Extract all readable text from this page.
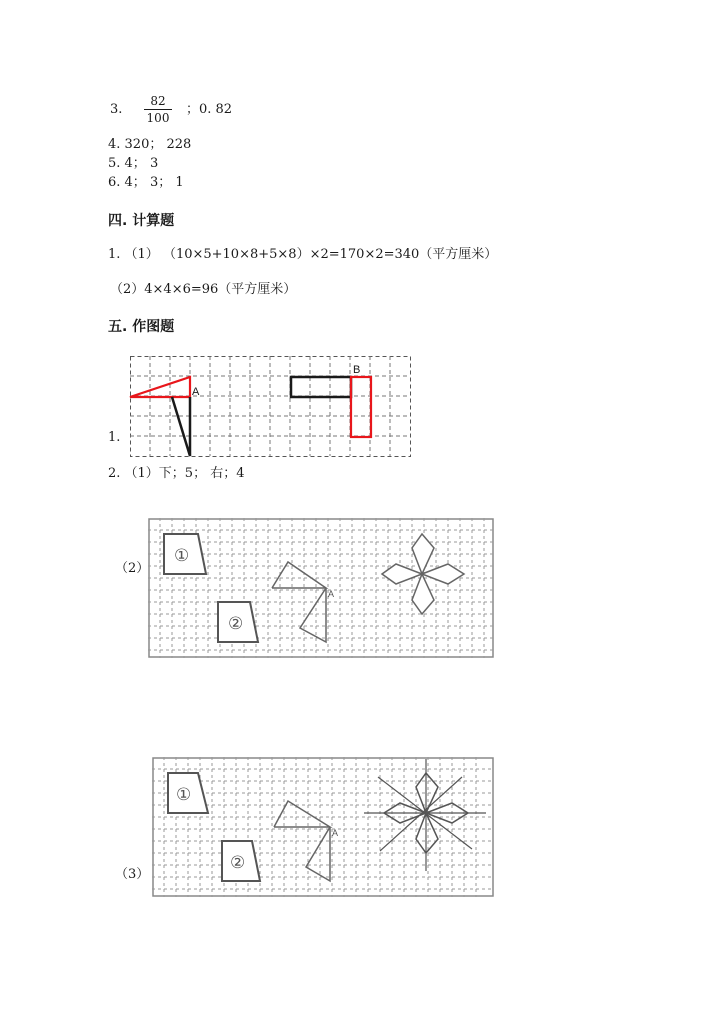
3.
82
100
；0. 82
4. 320； 228
5. 4； 3
6. 4； 3； 1
四. 计算题
1. （1） （10×5+10×8+5×8）×2=170×2=340（平方厘米）
（2）4×4×6=96（平方厘米）
五. 作图题
A
B
1.
2. （1）下；5； 右；4
（2）
①
②
A
（3）
①
②
A
